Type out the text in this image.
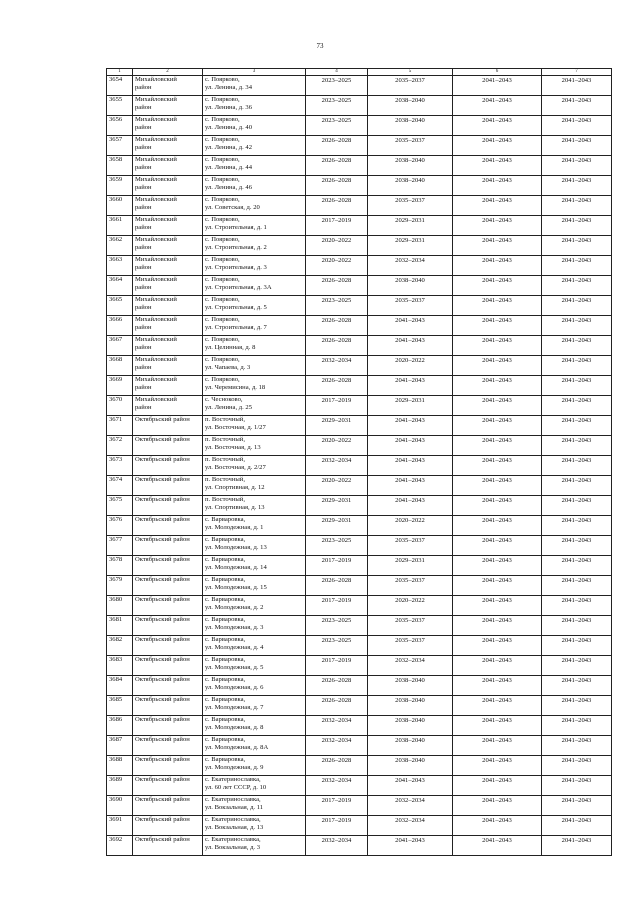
73
1	2	3	4	5	6	7
3654	Михайловский
район	с. Поярково,
ул. Ленина, д. 34	2023–2025	2035–2037	2041–2043	2041–2043

3655	Михайловский
район	с. Поярково,
ул. Ленина, д. 36	2023–2025	2038–2040	2041–2043	2041–2043

3656	Михайловский
район	с. Поярково,
ул. Ленина, д. 40	2023–2025	2038–2040	2041–2043	2041–2043

3657	Михайловский
район	с. Поярково,
ул. Ленина, д. 42	2026–2028	2035–2037	2041–2043	2041–2043

3658	Михайловский
район	с. Поярково,
ул. Ленина, д. 44	2026–2028	2038–2040	2041–2043	2041–2043

3659	Михайловский
район	с. Поярково,
ул. Ленина, д. 46	2026–2028	2038–2040	2041–2043	2041–2043

3660	Михайловский
район	с. Поярково,
ул. Советская, д. 20	2026–2028	2035–2037	2041–2043	2041–2043

3661	Михайловский
район	с. Поярково,
ул. Строительная, д. 1	2017–2019	2029–2031	2041–2043	2041–2043

3662	Михайловский
район	с. Поярково,
ул. Строительная, д. 2	2020–2022	2029–2031	2041–2043	2041–2043

3663	Михайловский
район	с. Поярково,
ул. Строительная, д. 3	2020–2022	2032–2034	2041–2043	2041–2043

3664	Михайловский
район	с. Поярково,
ул. Строительная, д. 3А	2026–2028	2038–2040	2041–2043	2041–2043

3665	Михайловский
район	с. Поярково,
ул. Строительная, д. 5	2023–2025	2035–2037	2041–2043	2041–2043

3666	Михайловский
район	с. Поярково,
ул. Строительная, д. 7	2026–2028	2041–2043	2041–2043	2041–2043

3667	Михайловский
район	с. Поярково,
ул. Целинная, д. 8	2026–2028	2041–2043	2041–2043	2041–2043

3668	Михайловский
район	с. Поярково,
ул. Чапаева, д. 3	2032–2034	2020–2022	2041–2043	2041–2043

3669	Михайловский
район	с. Поярково,
ул. Черемисина, д. 18	2026–2028	2041–2043	2041–2043	2041–2043

3670	Михайловский
район	с. Чесноково,
ул. Ленина, д. 25	2017–2019	2029–2031	2041–2043	2041–2043

3671	Октябрьский район	п. Восточный,
ул. Восточная, д. 1/27	2029–2031	2041–2043	2041–2043	2041–2043

3672	Октябрьский район	п. Восточный,
ул. Восточная, д. 13	2020–2022	2041–2043	2041–2043	2041–2043

3673	Октябрьский район	п. Восточный,
ул. Восточная, д. 2/27	2032–2034	2041–2043	2041–2043	2041–2043

3674	Октябрьский район	п. Восточный,
ул. Спортивная, д. 12	2020–2022	2041–2043	2041–2043	2041–2043

3675	Октябрьский район	п. Восточный,
ул. Спортивная, д. 13	2029–2031	2041–2043	2041–2043	2041–2043

3676	Октябрьский район	с. Варваровка,
ул. Молодежная, д. 1	2029–2031	2020–2022	2041–2043	2041–2043

3677	Октябрьский район	с. Варваровка,
ул. Молодежная, д. 13	2023–2025	2035–2037	2041–2043	2041–2043

3678	Октябрьский район	с. Варваровка,
ул. Молодежная, д. 14	2017–2019	2029–2031	2041–2043	2041–2043

3679	Октябрьский район	с. Варваровка,
ул. Молодежная, д. 15	2026–2028	2035–2037	2041–2043	2041–2043

3680	Октябрьский район	с. Варваровка,
ул. Молодежная, д. 2	2017–2019	2020–2022	2041–2043	2041–2043

3681	Октябрьский район	с. Варваровка,
ул. Молодежная, д. 3	2023–2025	2035–2037	2041–2043	2041–2043

3682	Октябрьский район	с. Варваровка,
ул. Молодежная, д. 4	2023–2025	2035–2037	2041–2043	2041–2043

3683	Октябрьский район	с. Варваровка,
ул. Молодежная, д. 5	2017–2019	2032–2034	2041–2043	2041–2043

3684	Октябрьский район	с. Варваровка,
ул. Молодежная, д. 6	2026–2028	2038–2040	2041–2043	2041–2043

3685	Октябрьский район	с. Варваровка,
ул. Молодежная, д. 7	2026–2028	2038–2040	2041–2043	2041–2043

3686	Октябрьский район	с. Варваровка,
ул. Молодежная, д. 8	2032–2034	2038–2040	2041–2043	2041–2043

3687	Октябрьский район	с. Варваровка,
ул. Молодежная, д. 8А	2032–2034	2038–2040	2041–2043	2041–2043

3688	Октябрьский район	с. Варваровка,
ул. Молодежная, д. 9	2026–2028	2038–2040	2041–2043	2041–2043

3689	Октябрьский район	с. Екатеринославка,
ул. 60 лет СССР, д. 10	2032–2034	2041–2043	2041–2043	2041–2043

3690	Октябрьский район	с. Екатеринославка,
ул. Вокзальная, д. 11	2017–2019	2032–2034	2041–2043	2041–2043

3691	Октябрьский район	с. Екатеринославка,
ул. Вокзальная, д. 13	2017–2019	2032–2034	2041–2043	2041–2043

3692	Октябрьский район	с. Екатеринославка,
ул. Вокзальная, д. 3	2032–2034	2041–2043	2041–2043	2041–2043
